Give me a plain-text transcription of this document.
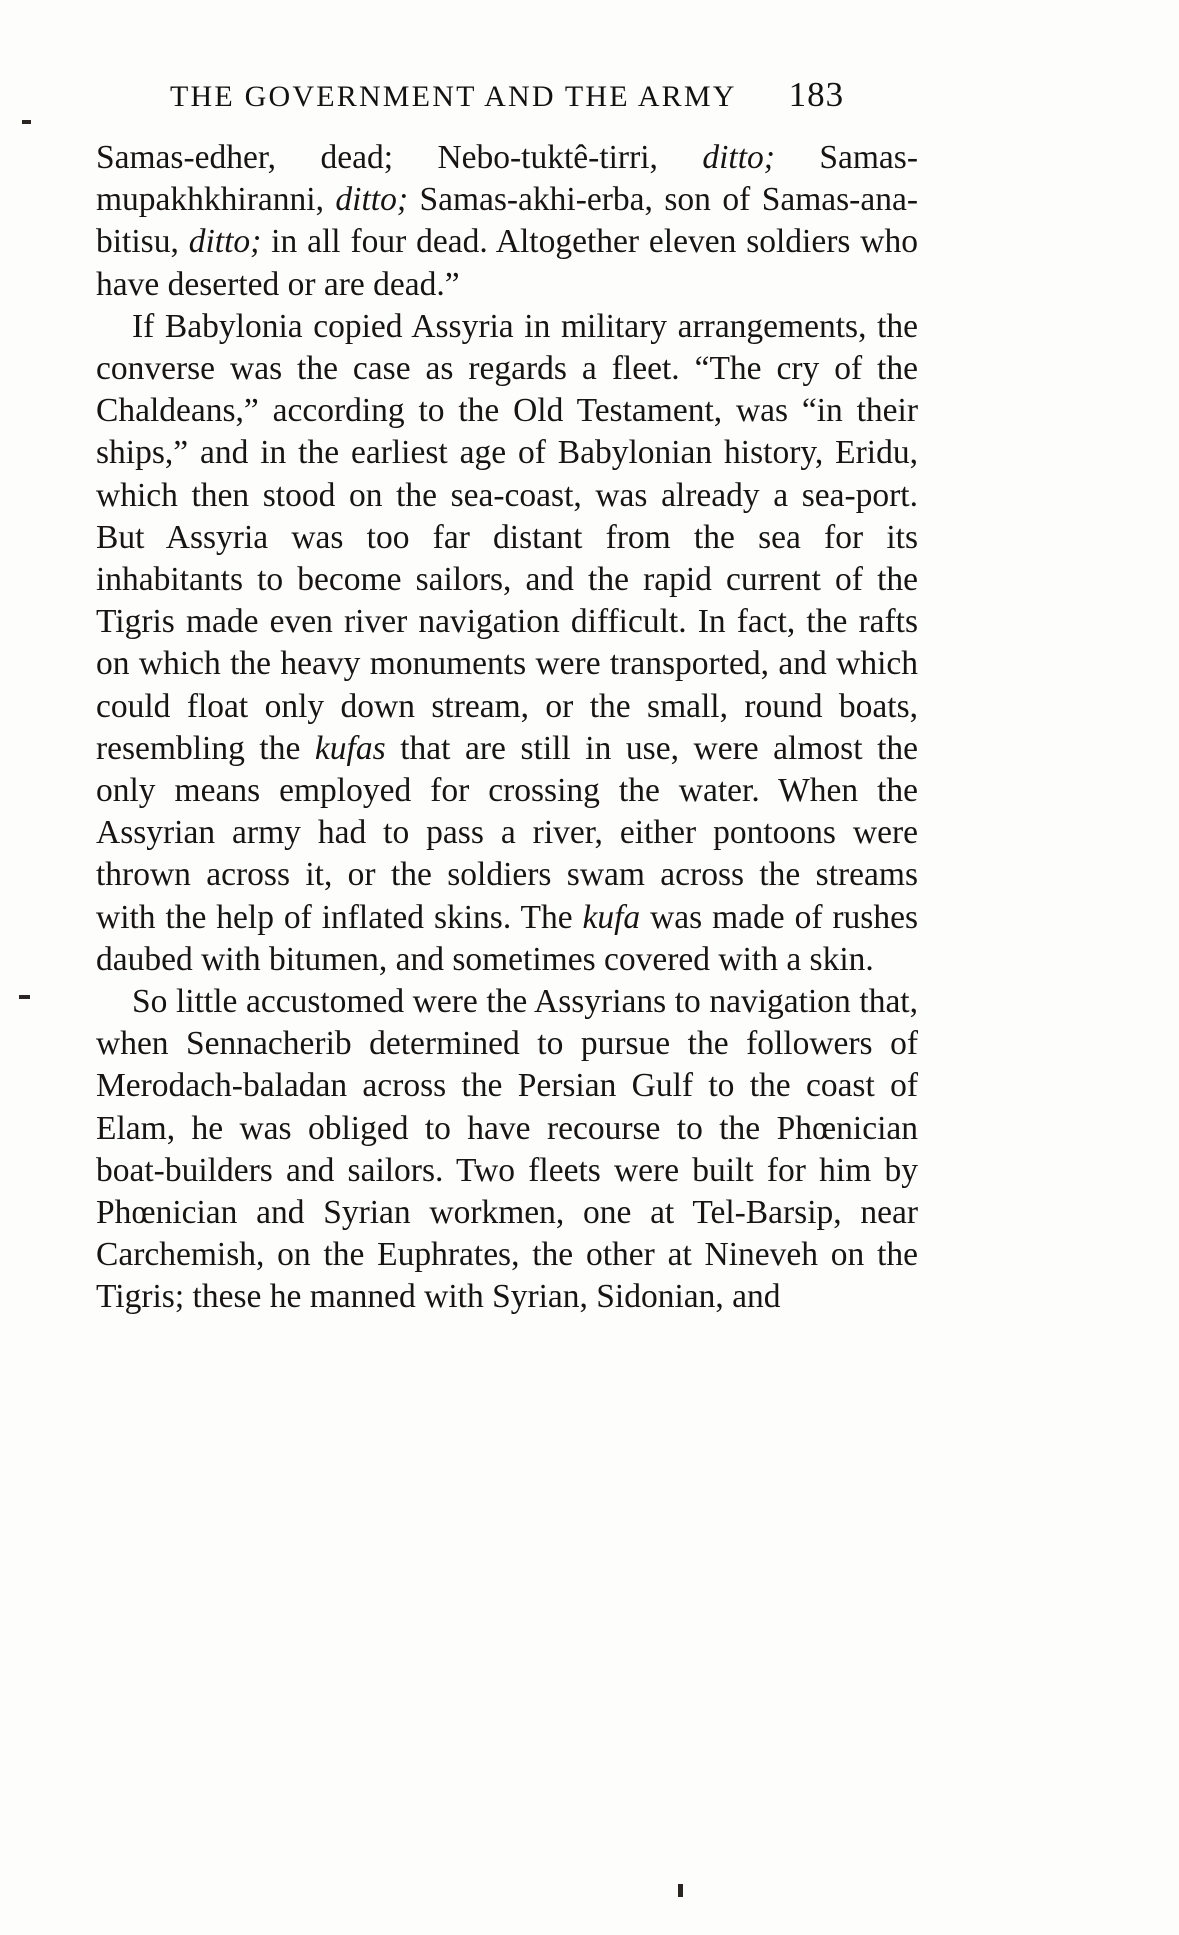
THE GOVERNMENT AND THE ARMY 183

Samas-edher, dead; Nebo-tuktê-tirri, ditto; Samas-mupakhkhiranni, ditto; Samas-akhi-erba, son of Samas-ana-bitisu, ditto; in all four dead. Altogether eleven soldiers who have deserted or are dead.”

If Babylonia copied Assyria in military arrangements, the converse was the case as regards a fleet. “The cry of the Chaldeans,” according to the Old Testament, was “in their ships,” and in the earliest age of Babylonian history, Eridu, which then stood on the sea-coast, was already a sea-port. But Assyria was too far distant from the sea for its inhabitants to become sailors, and the rapid current of the Tigris made even river navigation difficult. In fact, the rafts on which the heavy monuments were transported, and which could float only down stream, or the small, round boats, resembling the kufas that are still in use, were almost the only means employed for crossing the water. When the Assyrian army had to pass a river, either pontoons were thrown across it, or the soldiers swam across the streams with the help of inflated skins. The kufa was made of rushes daubed with bitumen, and sometimes covered with a skin.

So little accustomed were the Assyrians to navigation that, when Sennacherib determined to pursue the followers of Merodach-baladan across the Persian Gulf to the coast of Elam, he was obliged to have recourse to the Phœnician boat-builders and sailors. Two fleets were built for him by Phœnician and Syrian workmen, one at Tel-Barsip, near Carchemish, on the Euphrates, the other at Nineveh on the Tigris; these he manned with Syrian, Sidonian, and
